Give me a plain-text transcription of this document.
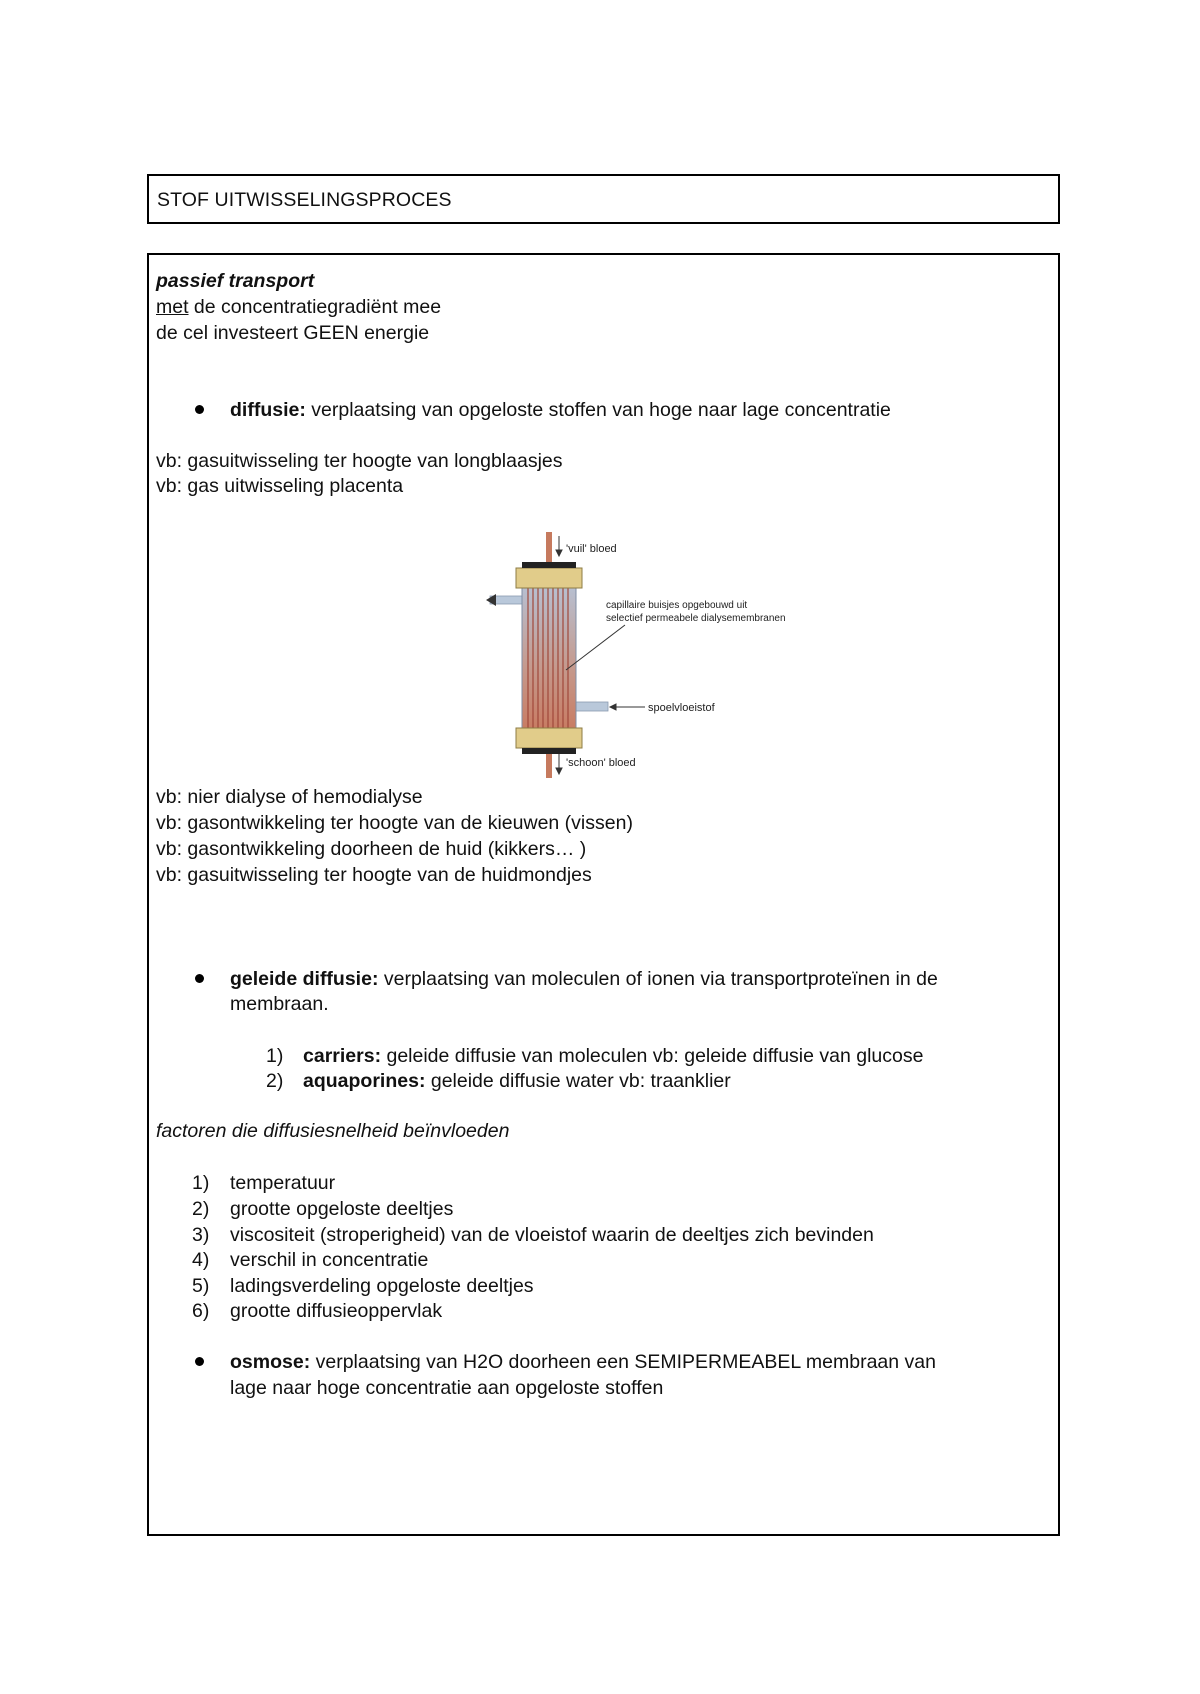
STOF UITWISSELINGSPROCES
passief transport
met de concentratiegradiënt mee
de cel investeert GEEN energie
diffusie: verplaatsing van opgeloste stoffen van hoge naar lage concentratie
vb: gasuitwisseling ter hoogte van longblaasjes
vb: gas uitwisseling placenta
'vuil' bloed
capillaire buisjes opgebouwd uit
selectief permeabele dialysemembranen
spoelvloeistof
'schoon' bloed
vb: nier dialyse of hemodialyse
vb: gasontwikkeling ter hoogte van de kieuwen (vissen)
vb: gasontwikkeling doorheen de huid (kikkers… )
vb: gasuitwisseling ter hoogte van de huidmondjes
geleide diffusie: verplaatsing van moleculen of ionen via transportproteïnen in de
membraan.
1) carriers: geleide diffusie van moleculen vb: geleide diffusie van glucose
2) aquaporines: geleide diffusie water vb: traanklier
factoren die diffusiesnelheid beïnvloeden
1) temperatuur
2) grootte opgeloste deeltjes
3) viscositeit (stroperigheid) van de vloeistof waarin de deeltjes zich bevinden
4) verschil in concentratie
5) ladingsverdeling opgeloste deeltjes
6) grootte diffusieoppervlak
osmose: verplaatsing van H2O doorheen een SEMIPERMEABEL membraan van
lage naar hoge concentratie aan opgeloste stoffen
